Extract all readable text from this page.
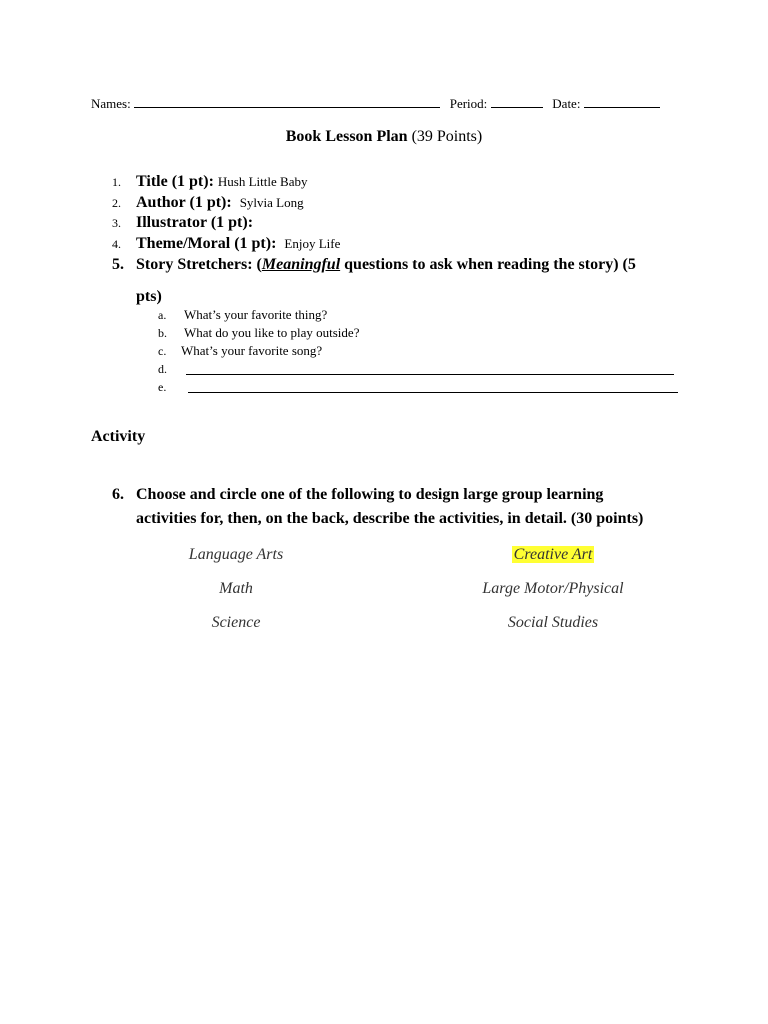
Names:	Period:	Date:
Book Lesson Plan (39 Points)
1. Title (1 pt): Hush Little Baby
2. Author (1 pt): Sylvia Long
3. Illustrator (1 pt):
4. Theme/Moral (1 pt): Enjoy Life
5. Story Stretchers: (Meaningful questions to ask when reading the story) (5
pts)
a. What’s your favorite thing?
b. What do you like to play outside?
c. What’s your favorite song?
d.
e.
Activity
6. Choose and circle one of the following to design large group learning
activities for, then, on the back, describe the activities, in detail. (30 points)
Language Arts	Creative Art
Math	Large Motor/Physical
Science	Social Studies
